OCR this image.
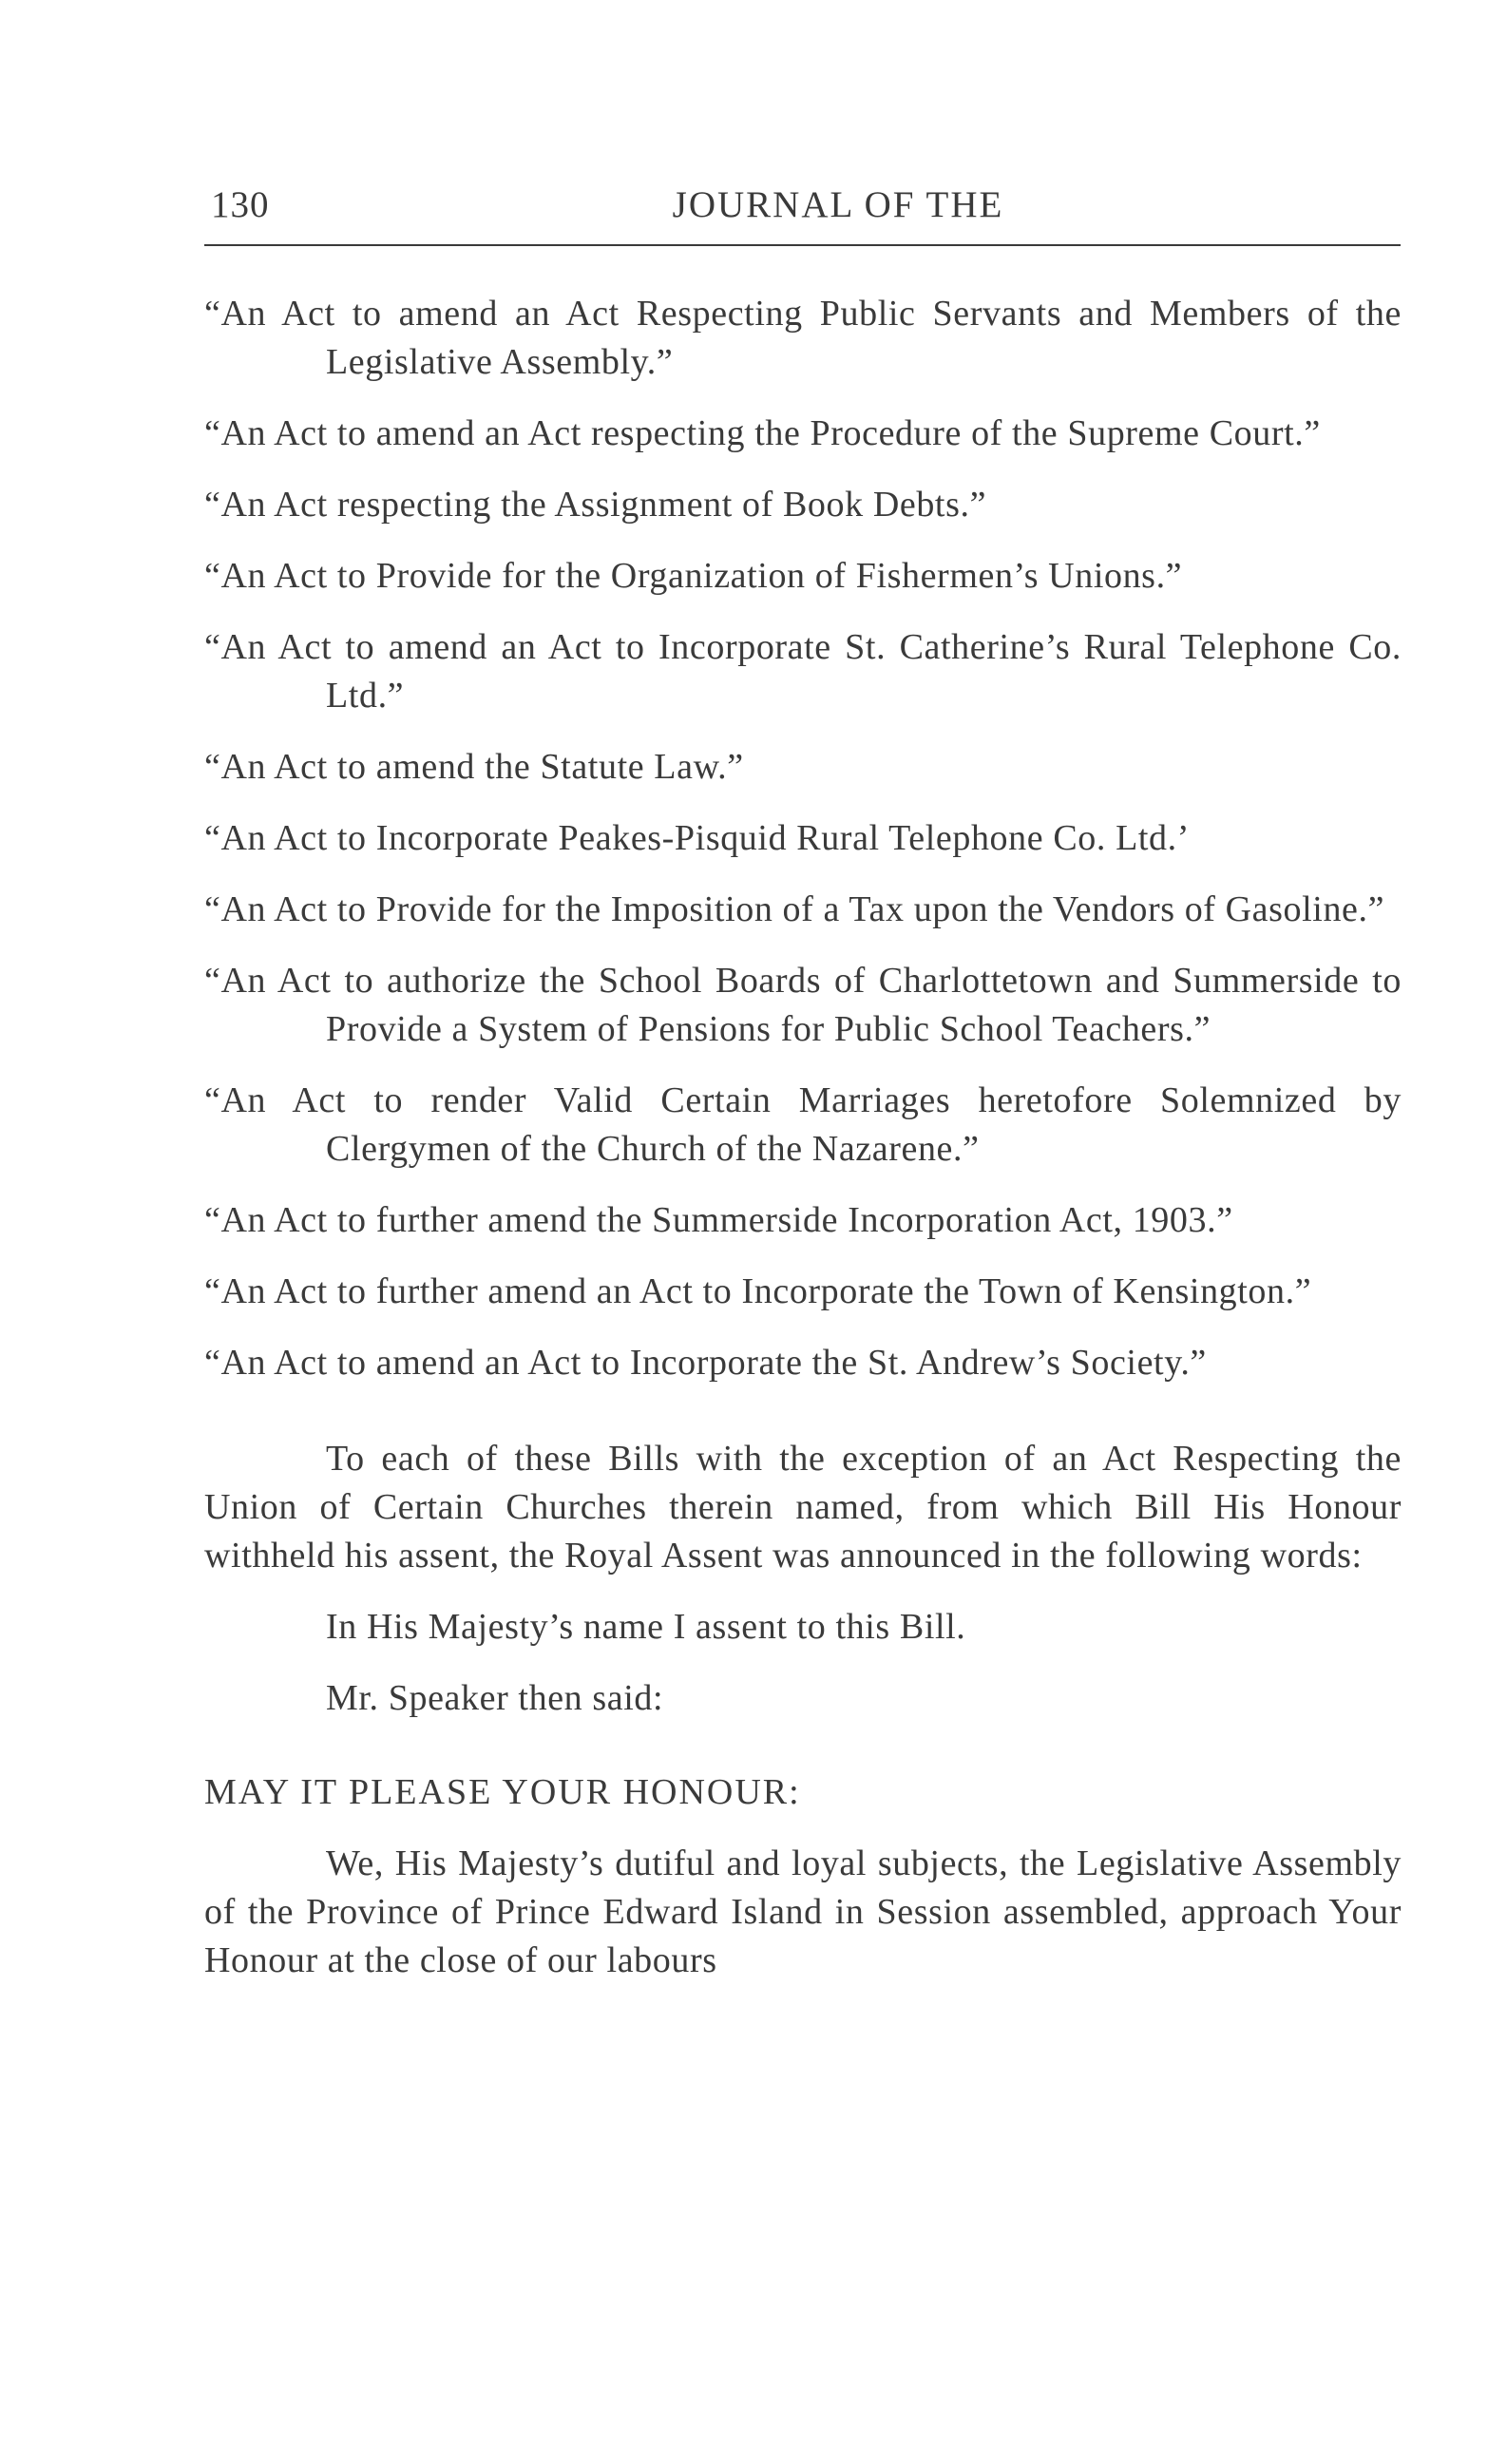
130	JOURNAL OF THE

“An Act to amend an Act Respecting Public Servants and Members of the Legislative Assembly.”

“An Act to amend an Act respecting the Procedure of the Supreme Court.”

“An Act respecting the Assignment of Book Debts.”

“An Act to Provide for the Organization of Fishermen’s Unions.”

“An Act to amend an Act to Incorporate St. Catherine’s Rural Telephone Co. Ltd.”

“An Act to amend the Statute Law.”

“An Act to Incorporate Peakes-Pisquid Rural Telephone Co. Ltd.’

“An Act to Provide for the Imposition of a Tax upon the Vendors of Gasoline.”

“An Act to authorize the School Boards of Charlottetown and Summerside to Provide a System of Pensions for Public School Teachers.”

“An Act to render Valid Certain Marriages heretofore Solemnized by Clergymen of the Church of the Nazarene.”

“An Act to further amend the Summerside Incorporation Act, 1903.”

“An Act to further amend an Act to Incorporate the Town of Kensington.”

“An Act to amend an Act to Incorporate the St. Andrew’s Society.”

To each of these Bills with the exception of an Act Respecting the Union of Certain Churches therein named, from which Bill His Honour withheld his assent, the Royal Assent was announced in the following words:

In His Majesty’s name I assent to this Bill.

Mr. Speaker then said:

MAY IT PLEASE YOUR HONOUR:

We, His Majesty’s dutiful and loyal subjects, the Legislative Assembly of the Province of Prince Edward Island in Session assembled, approach Your Honour at the close of our labours
